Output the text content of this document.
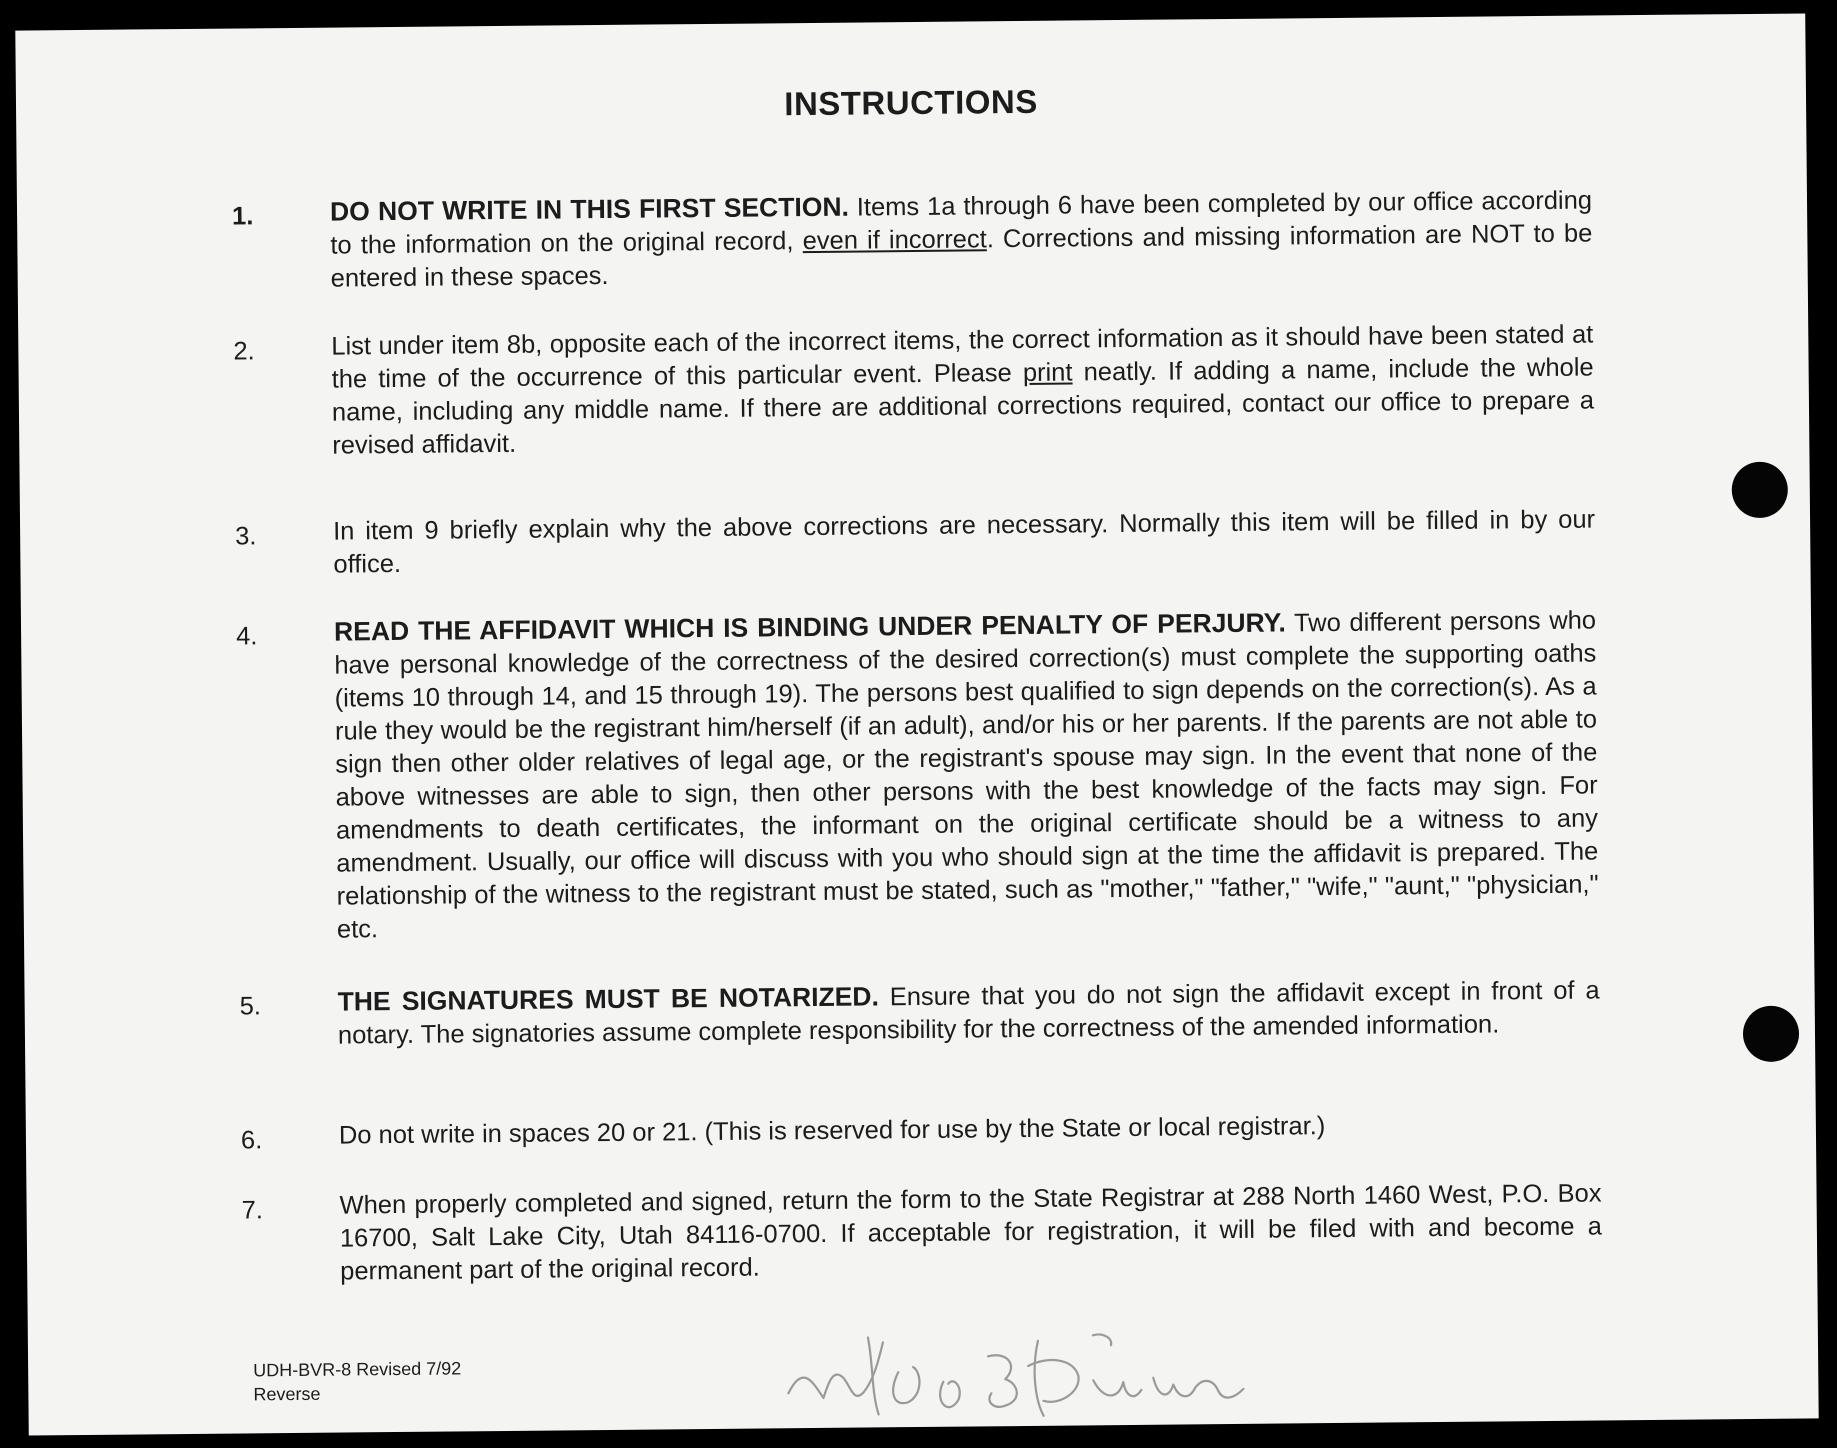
INSTRUCTIONS
1.	DO NOT WRITE IN THIS FIRST SECTION. Items 1a through 6 have been completed by our office according to the information on the original record, even if incorrect. Corrections and missing information are NOT to be entered in these spaces.
2.	List under item 8b, opposite each of the incorrect items, the correct information as it should have been stated at the time of the occurrence of this particular event. Please print neatly. If adding a name, include the whole name, including any middle name. If there are additional corrections required, contact our office to prepare a revised affidavit.
3.	In item 9 briefly explain why the above corrections are necessary. Normally this item will be filled in by our office.
4.	READ THE AFFIDAVIT WHICH IS BINDING UNDER PENALTY OF PERJURY. Two different persons who have personal knowledge of the correctness of the desired correction(s) must complete the supporting oaths (items 10 through 14, and 15 through 19). The persons best qualified to sign depends on the correction(s). As a rule they would be the registrant him/herself (if an adult), and/or his or her parents. If the parents are not able to sign then other older relatives of legal age, or the registrant's spouse may sign. In the event that none of the above witnesses are able to sign, then other persons with the best knowledge of the facts may sign. For amendments to death certificates, the informant on the original certificate should be a witness to any amendment. Usually, our office will discuss with you who should sign at the time the affidavit is prepared. The relationship of the witness to the registrant must be stated, such as "mother," "father," "wife," "aunt," "physician," etc.
5.	THE SIGNATURES MUST BE NOTARIZED. Ensure that you do not sign the affidavit except in front of a notary. The signatories assume complete responsibility for the correctness of the amended information.
6.	Do not write in spaces 20 or 21. (This is reserved for use by the State or local registrar.)
7.	When properly completed and signed, return the form to the State Registrar at 288 North 1460 West, P.O. Box 16700, Salt Lake City, Utah 84116-0700. If acceptable for registration, it will be filed with and become a permanent part of the original record.
UDH-BVR-8 Revised 7/92
Reverse
